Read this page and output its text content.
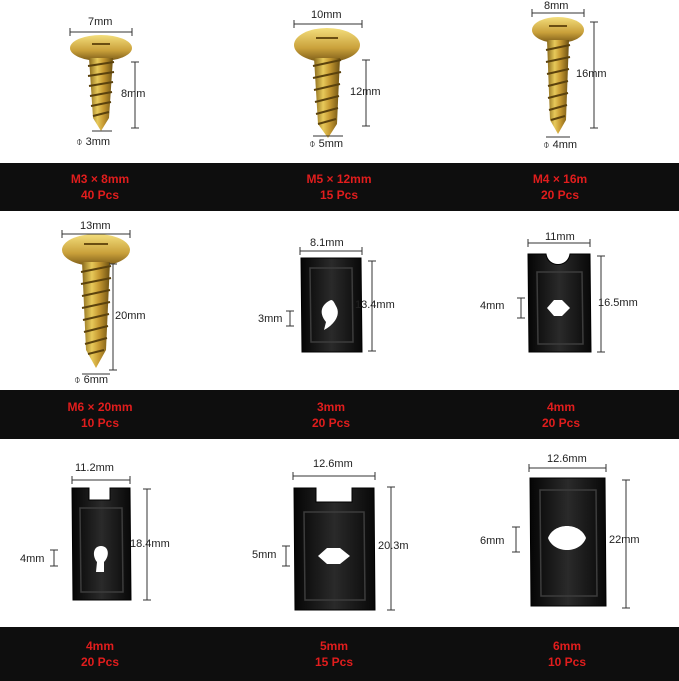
7mm
8mm
⌽ 3mm
10mm
12mm
⌽ 5mm
8mm
16mm
⌽ 4mm
M3 × 8mm
40 Pcs
M5 × 12mm
15 Pcs
M4 × 16m
20 Pcs
13mm
20mm
⌽ 6mm
8.1mm
13.4mm
3mm
11mm
16.5mm
4mm
M6 × 20mm
10 Pcs
3mm
20 Pcs
4mm
20 Pcs
11.2mm
18.4mm
4mm
12.6mm
20.3m
5mm
12.6mm
22mm
6mm
4mm
20 Pcs
5mm
15 Pcs
6mm
10 Pcs
